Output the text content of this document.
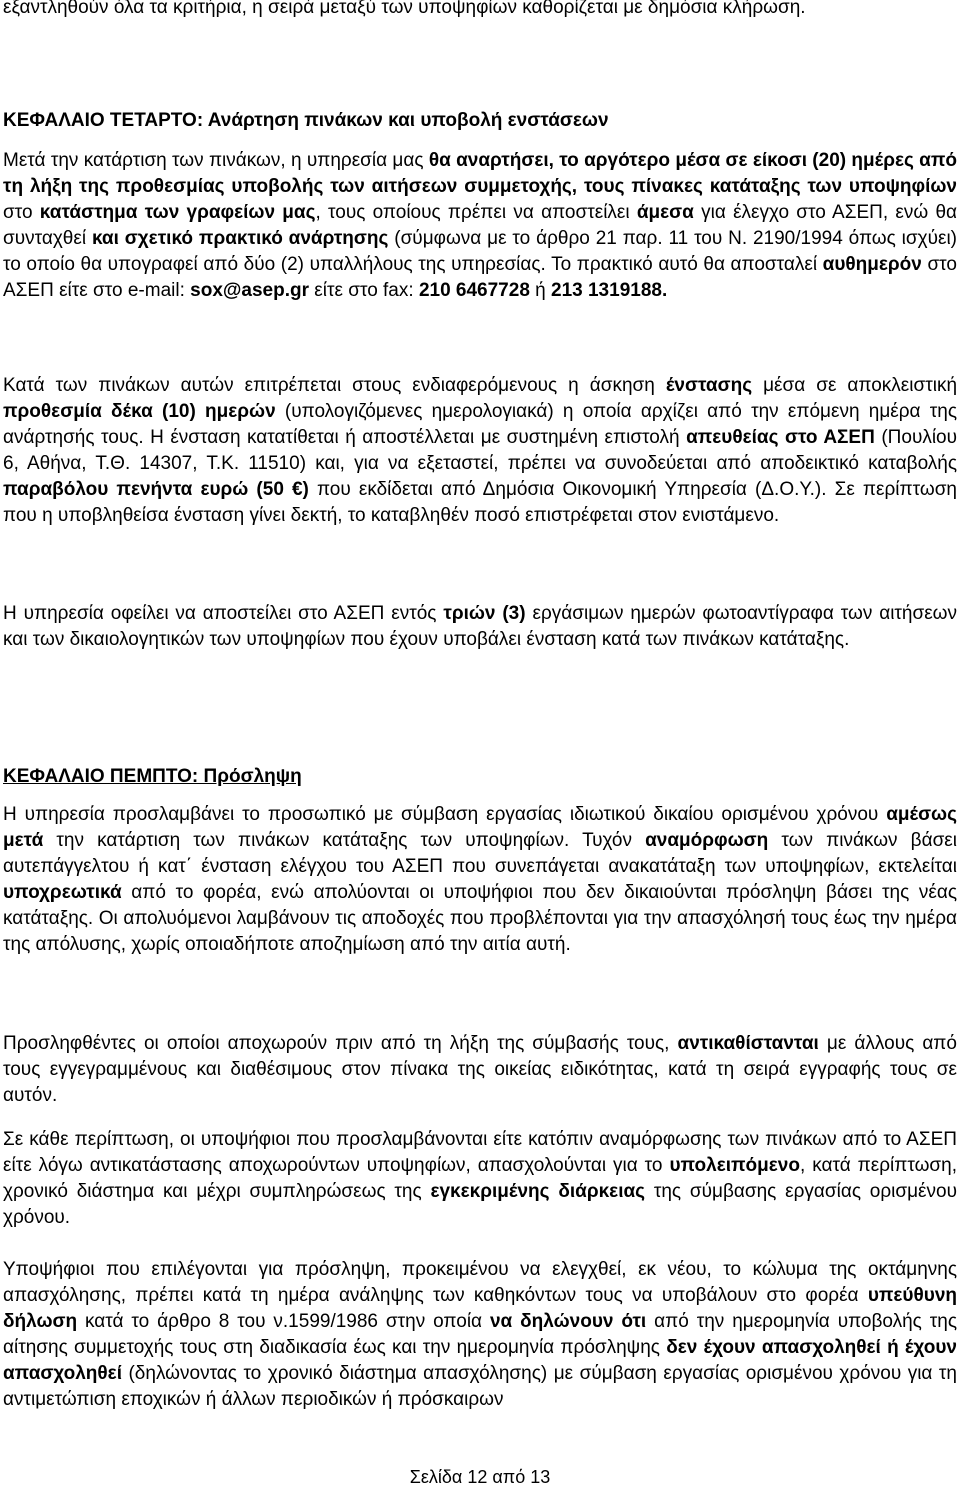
εξαντληθούν όλα τα κριτήρια, η σειρά μεταξύ των υποψηφίων καθορίζεται με δημόσια κλήρωση.

ΚΕΦΑΛΑΙΟ ΤΕΤΑΡΤΟ: Ανάρτηση πινάκων και υποβολή ενστάσεων

Μετά την κατάρτιση των πινάκων, η υπηρεσία μας θα αναρτήσει, το αργότερο μέσα σε είκοσι (20) ημέρες από τη λήξη της προθεσμίας υποβολής των αιτήσεων συμμετοχής, τους πίνακες κατάταξης των υποψηφίων στο κατάστημα των γραφείων μας, τους οποίους πρέπει να αποστείλει άμεσα για έλεγχο στο ΑΣΕΠ, ενώ θα συνταχθεί και σχετικό πρακτικό ανάρτησης (σύμφωνα με το άρθρο 21 παρ. 11 του Ν. 2190/1994 όπως ισχύει) το οποίο θα υπογραφεί από δύο (2) υπαλλήλους της υπηρεσίας. Το πρακτικό αυτό θα αποσταλεί αυθημερόν στο ΑΣΕΠ είτε στο e-mail: sox@asep.gr είτε στο fax: 210 6467728 ή 213 1319188.

Κατά των πινάκων αυτών επιτρέπεται στους ενδιαφερόμενους η άσκηση ένστασης μέσα σε αποκλειστική προθεσμία δέκα (10) ημερών (υπολογιζόμενες ημερολογιακά) η οποία αρχίζει από την επόμενη ημέρα της ανάρτησής τους. Η ένσταση κατατίθεται ή αποστέλλεται με συστημένη επιστολή απευθείας στο ΑΣΕΠ (Πουλίου 6, Αθήνα, Τ.Θ. 14307, Τ.Κ. 11510) και, για να εξεταστεί, πρέπει να συνοδεύεται από αποδεικτικό καταβολής παραβόλου πενήντα ευρώ (50 €) που εκδίδεται από Δημόσια Οικονομική Υπηρεσία (Δ.Ο.Υ.). Σε περίπτωση που η υποβληθείσα ένσταση γίνει δεκτή, το καταβληθέν ποσό επιστρέφεται στον ενιστάμενο.

Η υπηρεσία οφείλει να αποστείλει στο ΑΣΕΠ εντός τριών (3) εργάσιμων ημερών φωτοαντίγραφα των αιτήσεων και των δικαιολογητικών των υποψηφίων που έχουν υποβάλει ένσταση κατά των πινάκων κατάταξης.

ΚΕΦΑΛΑΙΟ ΠΕΜΠΤΟ: Πρόσληψη

Η υπηρεσία προσλαμβάνει το προσωπικό με σύμβαση εργασίας ιδιωτικού δικαίου ορισμένου χρόνου αμέσως μετά την κατάρτιση των πινάκων κατάταξης των υποψηφίων. Τυχόν αναμόρφωση των πινάκων βάσει αυτεπάγγελτου ή κατ΄ ένσταση ελέγχου του ΑΣΕΠ που συνεπάγεται ανακατάταξη των υποψηφίων, εκτελείται υποχρεωτικά από το φορέα, ενώ απολύονται οι υποψήφιοι που δεν δικαιούνται πρόσληψη βάσει της νέας κατάταξης. Οι απολυόμενοι λαμβάνουν τις αποδοχές που προβλέπονται για την απασχόλησή τους έως την ημέρα της απόλυσης, χωρίς οποιαδήποτε αποζημίωση από την αιτία αυτή.

Προσληφθέντες οι οποίοι αποχωρούν πριν από τη λήξη της σύμβασής τους, αντικαθίστανται με άλλους από τους εγγεγραμμένους και διαθέσιμους στον πίνακα της οικείας ειδικότητας, κατά τη σειρά εγγραφής τους σε αυτόν.

Σε κάθε περίπτωση, οι υποψήφιοι που προσλαμβάνονται είτε κατόπιν αναμόρφωσης των πινάκων από το ΑΣΕΠ είτε λόγω αντικατάστασης αποχωρούντων υποψηφίων, απασχολούνται για το υπολειπόμενο, κατά περίπτωση, χρονικό διάστημα και μέχρι συμπληρώσεως της εγκεκριμένης διάρκειας της σύμβασης εργασίας ορισμένου χρόνου.

Υποψήφιοι που επιλέγονται για πρόσληψη, προκειμένου να ελεγχθεί, εκ νέου, το κώλυμα της οκτάμηνης απασχόλησης, πρέπει κατά τη ημέρα ανάληψης των καθηκόντων τους να υποβάλουν στο φορέα υπεύθυνη δήλωση κατά το άρθρο 8 του ν.1599/1986 στην οποία να δηλώνουν ότι από την ημερομηνία υποβολής της αίτησης συμμετοχής τους στη διαδικασία έως και την ημερομηνία πρόσληψης δεν έχουν απασχοληθεί ή έχουν απασχοληθεί (δηλώνοντας το χρονικό διάστημα απασχόλησης) με σύμβαση εργασίας ορισμένου χρόνου για τη αντιμετώπιση εποχικών ή άλλων περιοδικών ή πρόσκαιρων

Σελίδα 12 από 13
